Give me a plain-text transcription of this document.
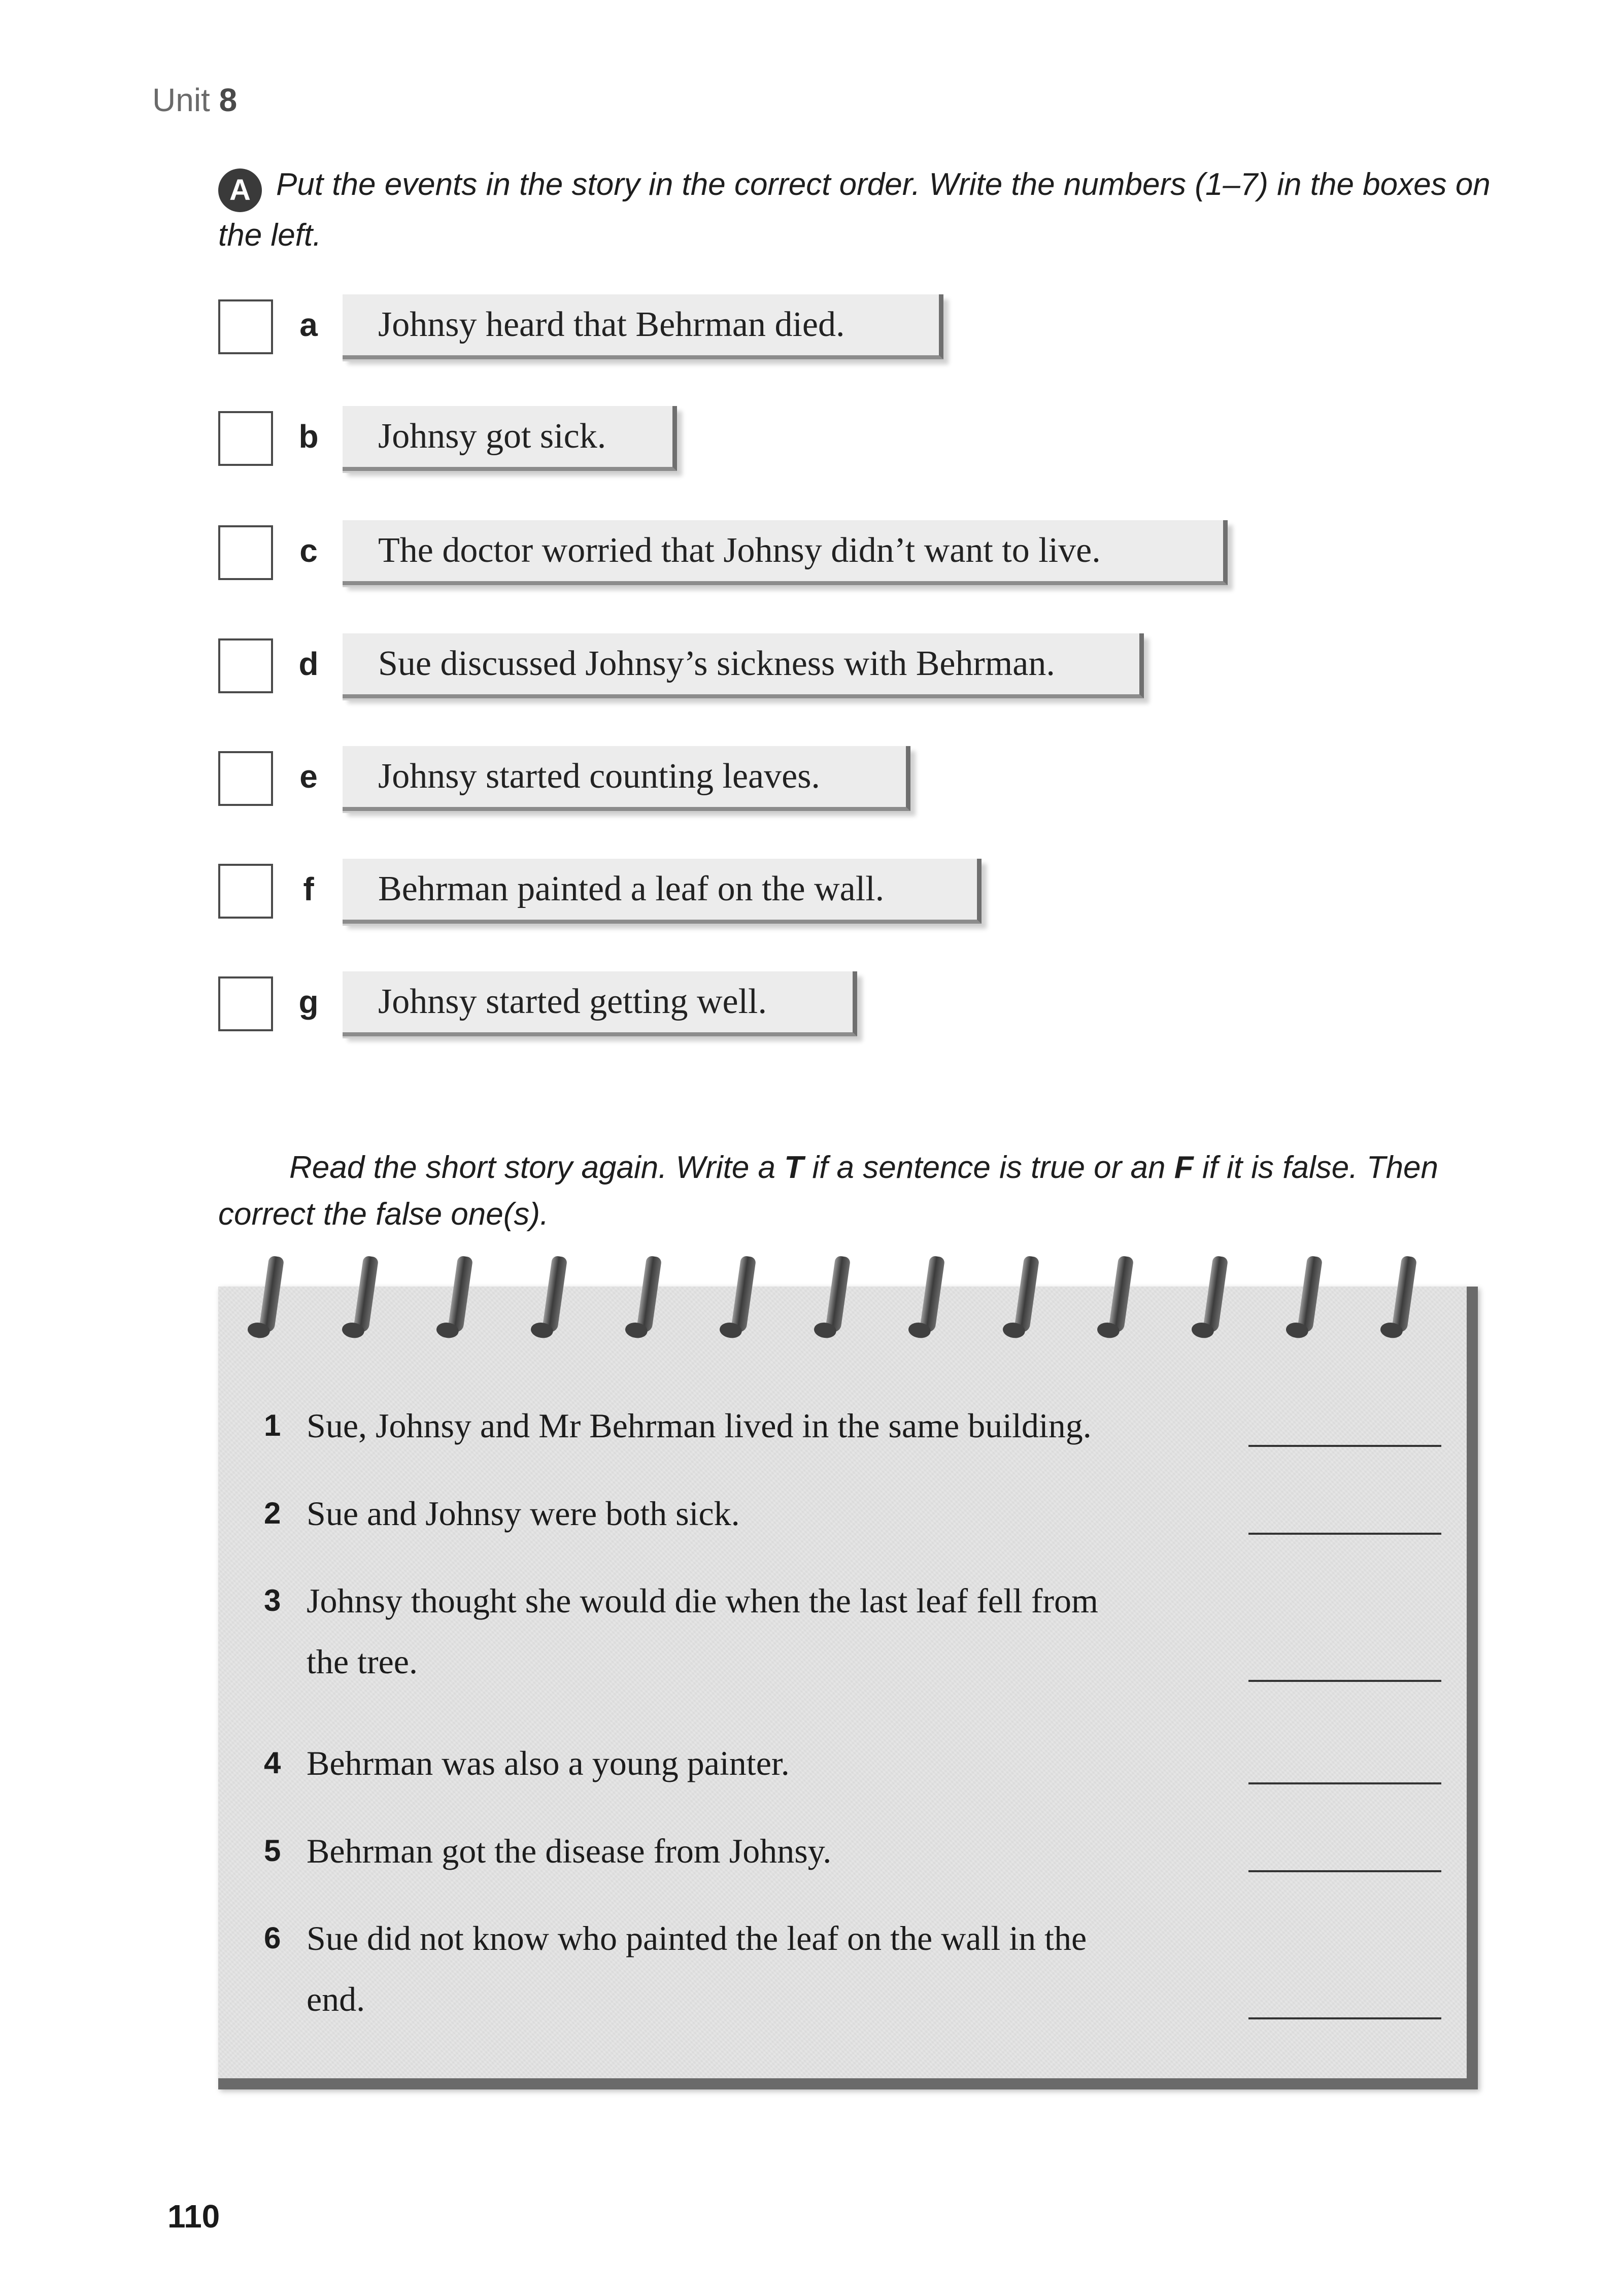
Unit 8
A Put the events in the story in the correct order. Write the numbers (1–7) in the boxes on the left.
a	Johnsy heard that Behrman died.
b	Johnsy got sick.
c	The doctor worried that Johnsy didn’t want to live.
d	Sue discussed Johnsy’s sickness with Behrman.
e	Johnsy started counting leaves.
f	Behrman painted a leaf on the wall.
g	Johnsy started getting well.
Read the short story again. Write a T if a sentence is true or an F if it is false. Then correct the false one(s).
1 Sue, Johnsy and Mr Behrman lived in the same building.
2 Sue and Johnsy were both sick.
3 Johnsy thought she would die when the last leaf fell from
the tree.
4 Behrman was also a young painter.
5 Behrman got the disease from Johnsy.
6 Sue did not know who painted the leaf on the wall in the
end.
110
